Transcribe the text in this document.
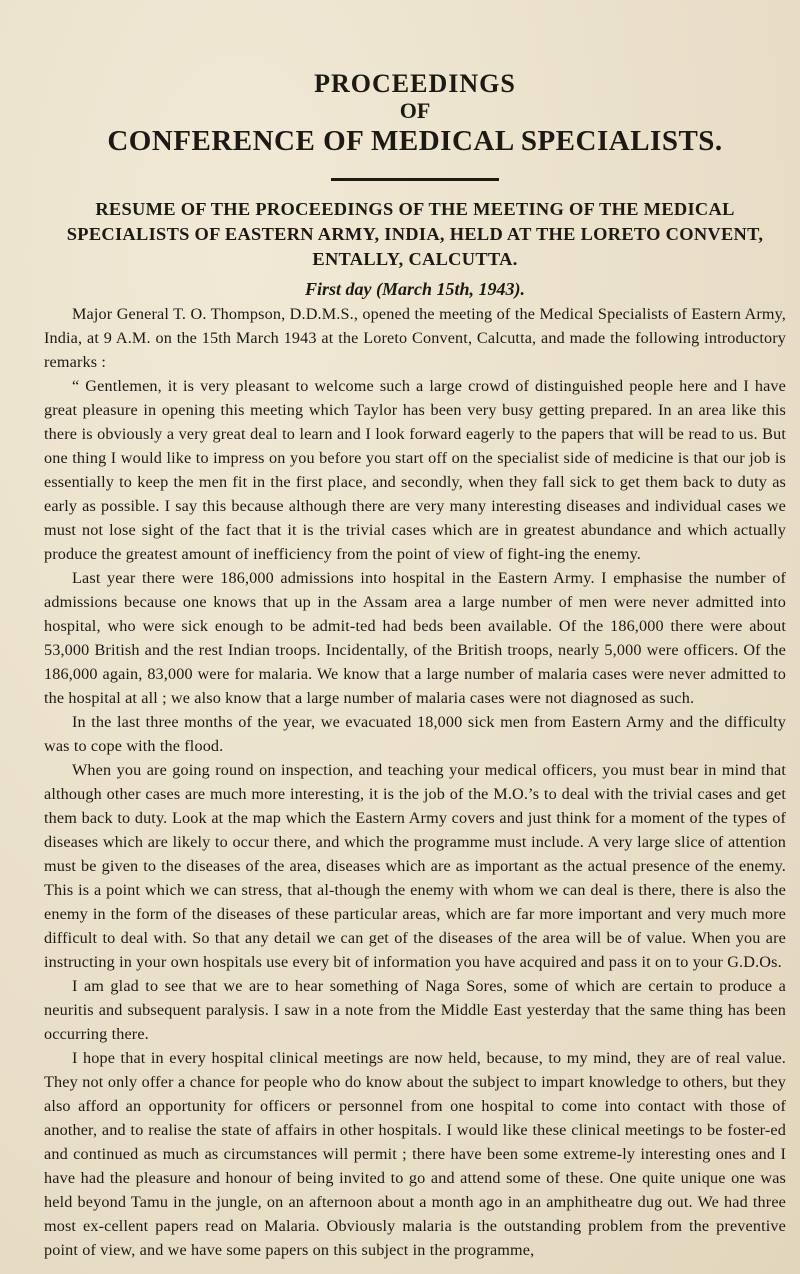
PROCEEDINGS
OF
CONFERENCE OF MEDICAL SPECIALISTS.
RESUME OF THE PROCEEDINGS OF THE MEETING OF THE MEDICAL SPECIALISTS OF EASTERN ARMY, INDIA, HELD AT THE LORETO CONVENT, ENTALLY, CALCUTTA.
First day (March 15th, 1943).

Major General T. O. Thompson, D.D.M.S., opened the meeting of the Medical Specialists of Eastern Army, India, at 9 A.M. on the 15th March 1943 at the Loreto Convent, Calcutta, and made the following introductory remarks :

“ Gentlemen, it is very pleasant to welcome such a large crowd of distinguished people here and I have great pleasure in opening this meeting which Taylor has been very busy getting prepared. In an area like this there is obviously a very great deal to learn and I look forward eagerly to the papers that will be read to us. But one thing I would like to impress on you before you start off on the specialist side of medicine is that our job is essentially to keep the men fit in the first place, and secondly, when they fall sick to get them back to duty as early as possible. I say this because although there are very many interesting diseases and individual cases we must not lose sight of the fact that it is the trivial cases which are in greatest abundance and which actually produce the greatest amount of inefficiency from the point of view of fight-ing the enemy.

Last year there were 186,000 admissions into hospital in the Eastern Army. I emphasise the number of admissions because one knows that up in the Assam area a large number of men were never admitted into hospital, who were sick enough to be admit-ted had beds been available. Of the 186,000 there were about 53,000 British and the rest Indian troops. Incidentally, of the British troops, nearly 5,000 were officers. Of the 186,000 again, 83,000 were for malaria. We know that a large number of malaria cases were never admitted to the hospital at all ; we also know that a large number of malaria cases were not diagnosed as such.

In the last three months of the year, we evacuated 18,000 sick men from Eastern Army and the difficulty was to cope with the flood.

When you are going round on inspection, and teaching your medical officers, you must bear in mind that although other cases are much more interesting, it is the job of the M.O.’s to deal with the trivial cases and get them back to duty. Look at the map which the Eastern Army covers and just think for a moment of the types of diseases which are likely to occur there, and which the programme must include. A very large slice of attention must be given to the diseases of the area, diseases which are as important as the actual presence of the enemy. This is a point which we can stress, that al-though the enemy with whom we can deal is there, there is also the enemy in the form of the diseases of these particular areas, which are far more important and very much more difficult to deal with. So that any detail we can get of the diseases of the area will be of value. When you are instructing in your own hospitals use every bit of information you have acquired and pass it on to your G.D.Os.

I am glad to see that we are to hear something of Naga Sores, some of which are certain to produce a neuritis and subsequent paralysis. I saw in a note from the Middle East yesterday that the same thing has been occurring there.

I hope that in every hospital clinical meetings are now held, because, to my mind, they are of real value. They not only offer a chance for people who do know about the subject to impart knowledge to others, but they also afford an opportunity for officers or personnel from one hospital to come into contact with those of another, and to realise the state of affairs in other hospitals. I would like these clinical meetings to be foster-ed and continued as much as circumstances will permit ; there have been some extreme-ly interesting ones and I have had the pleasure and honour of being invited to go and attend some of these. One quite unique one was held beyond Tamu in the jungle, on an afternoon about a month ago in an amphitheatre dug out. We had three most ex-cellent papers read on Malaria. Obviously malaria is the outstanding problem from the preventive point of view, and we have some papers on this subject in the programme,
